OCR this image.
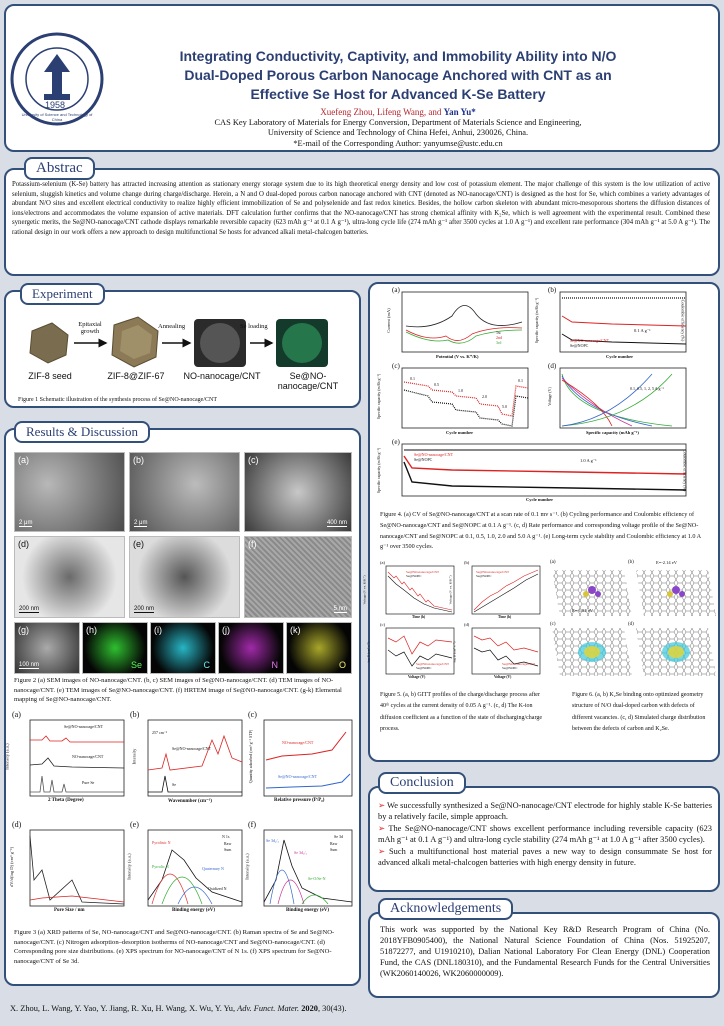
1958
University of Science and Technology of China
Integrating Conductivity, Captivity, and Immobility Ability into N/O
Dual-Doped Porous Carbon Nanocage Anchored with CNT as an
Effective Se Host for Advanced K-Se Battery
Xuefeng Zhou, Lifeng Wang, and Yan Yu*
CAS Key Laboratory of Materials for Energy Conversion, Department of Materials Science and Engineering,
University of Science and Technology of China Hefei, Anhui, 230026, China.
*E-mail of the Corresponding Author: yanyumse@ustc.edu.cn
Abstrac
Potassium-selenium (K-Se) battery has attracted increasing attention as stationary energy storage system due to its high theoretical energy density and low cost of potassium element. The major challenge of this system is the low utilization of active selenium, sluggish kinetics and volume change during charge/discharge. Herein, a N and O dual-doped porous carbon nanocage anchored with CNT (denoted as NO-nanocage/CNT) is designed as the host for Se, which combines a variety advantages of abundant N/O sites and excellent electrical conductivity to realize highly efficient immobilization of Se and polyselenide and fast redox kinetics. Besides, the hollow carbon skeleton with abundant micro-mesoporous shortens the diffusion distances of ions/electrons and accommodates the volume expansion of active materials. DFT calculation further confirms that the NO-nanocage/CNT has strong chemical affinity with K₂Se, which is well agreement with the experimental result. Combined these synergetic merits, the Se@NO-nanocage/CNT cathode displays remarkable reversible capacity (623 mAh g⁻¹ at 0.1 A g⁻¹), ultra-long cycle life (274 mAh g⁻¹ after 3500 cycles at 1.0 A g⁻¹) and excellent rate performance (304 mAh g⁻¹ at 5.0 A g⁻¹). The rational design in our work offers a new approach to design multifunctional Se hosts for advanced alkali metal-chalcogen batteries.
Experiment
Epitaxial growth
Annealing	Se loading
ZIF-8 seed	ZIF-8@ZIF-67	NO-nanocage/CNT	Se@NO-nanocage/CNT
Figure 1 Schematic illustration of the synthesis process of Se@NO-nanocage/CNT
Results & Discussion
(a)
2 μm
(b)
2 μm
(c)
400 nm
(d)
200 nm
(e)
200 nm
(f)
5 nm
(g)
100 nm
(h)
Se
(i)
C
(j)
N
(k)
O
Figure 2 (a) SEM images of NO-nanocage/CNT. (b, c) SEM images of Se@NO-nanocage/CNT. (d) TEM images of NO-nanocage/CNT. (e) TEM images of Se@NO-nanocage/CNT. (f) HRTEM image of Se@NO-nanocage/CNT. (g-k) Elemental mapping of Se@NO-nanocage/CNT.
(a)	(b)	(c)
(d)	(e)	(f)
Se@NO-nanocage/CNT
NO-nanocage/CNT
Pure Se
2 Theta (Degree)
Intensity (a.u.)
257 cm⁻¹
Se@NO-nanocage/CNT
Se
Wavenumber (cm⁻¹)
Intensity
NO-nanocage/CNT
Se@NO-nanocage/CNT
Relative pressure (P/P₀)
Quantity adsorbed (cm³ g⁻¹ STP)
Pore Size / nm
dV/d(log D) (cm³ g⁻¹)
N 1s
Raw
Sum
Pyridinic N
Pyrrolic N	Quaternary N
Oxidized N
Binding energy (eV)
Intensity (a.u.)
Se 3d
Raw
Sum
Se 3d₅/₂
Se 3d₃/₂
Se-O/Se-N
Binding energy (eV)
Intensity (a.u.)
Figure 3 (a) XRD patterns of Se, NO-nanocage/CNT and Se@NO-nanocage/CNT. (b) Raman spectra of Se and Se@NO-nanocage/CNT. (c) Nitrogen adsorption–desorption isotherms of NO-nanocage/CNT and Se@NO-nanocage/CNT. (d) Corresponding pore size distributions. (e) XPS spectrum for NO-nanocage/CNT of N 1s. (f) XPS spectrum for Se@NO-nanocage/CNT of Se 3d.
(a)	(b)
(c)	(d)
(e)
1st
2nd
3rd
Potential (V vs. K⁺/K)
Current (mA)	0.1 A g⁻¹
Se@NO-nanocage/CNT
Se@NOPC
Cycle number
Specific capacity (mAh g⁻¹)	Coulombic efficiency (%)
0.1
0.5
1.0
2.0
5.0
0.1
Cycle number
Specific capacity (mAh g⁻¹)	0.1, 0.5, 1, 2, 5 A g⁻¹
Specific capacity (mAh g⁻¹)
Voltage (V)
1.0 A g⁻¹
Se@NO-nanocage/CNT
Se@NOPC
Cycle number
Specific capacity (mAh g⁻¹)	Coulombic efficiency (%)
Figure 4. (a) CV of Se@NO-nanocage/CNT at a scan rate of 0.1 mv s⁻¹. (b) Cycling performance and Coulombic efficiency of Se@NO-nanocage/CNT and Se@NOPC at 0.1 A g⁻¹. (c, d) Rate performance and corresponding voltage profile of the Se@NO-nanocage/CNT and Se@NOPC at 0.1, 0.5, 1.0, 2.0 and 5.0 A g⁻¹. (e) Long-term cycle stability and Coulombic efficiency at 1.0 A g⁻¹ over 3500 cycles.
(a)	(b)
(c)	(d)
Se@NO-nanocage/CNT
Se@NOPC
Se@NO-nanocage/CNT
Se@NOPC
Se@NO-nanocage/CNT
Se@NOPC
Se@NO-nanocage/CNT
Se@NOPC
Time (h)	Time (h)
Voltage (V)	Voltage (V)
Voltage (V vs. K/K⁺)	Voltage (V vs. K/K⁺)
log D (cm² s⁻¹)	log D (cm² s⁻¹)
Figure 5. (a, b) GITT profiles of the charge/discharge process after 40ᵗʰ cycles at the current density of 0.05 A g⁻¹. (c, d) The K-ion diffusion coefficient as a function of the state of discharging/charge process.
(a)	(b)
(c)	(d)
E=-1.81 eV
E=-2.14 eV
Figure 6. (a, b) K₂Se binding onto optimized geometry structure of N/O dual-doped carbon with defects of different vacancies. (c, d) Simulated charge distribution between the defects of carbon and K₂Se.
Conclusion
➢ We successfully synthesized a Se@NO-nanocage/CNT electrode for highly stable K-Se batteries by a relatively facile, simple approach.
➢ The Se@NO-nanocage/CNT shows excellent performance including reversible capacity (623 mAh g⁻¹ at 0.1 A g⁻¹) and ultra-long cycle stability (274 mAh g⁻¹ at 1.0 A g⁻¹ after 3500 cycles).
➢ Such a multifunctional host material paves a new way to design consummate Se host for advanced alkali metal-chalcogen batteries with high energy density in future.
Acknowledgements
This work was supported by the National Key R&D Research Program of China (No. 2018YFB0905400), the National Natural Science Foundation of China (Nos. 51925207, 51872277, and U1910210), Dalian National Laboratory For Clean Energy (DNL) Cooperation Fund, the CAS (DNL180310), and the Fundamental Research Funds for the Central Universities (WK2060140026, WK2060000009).
X. Zhou, L. Wang, Y. Yao, Y. Jiang, R. Xu, H. Wang, X. Wu, Y. Yu, Adv. Funct. Mater. 2020, 30(43).
